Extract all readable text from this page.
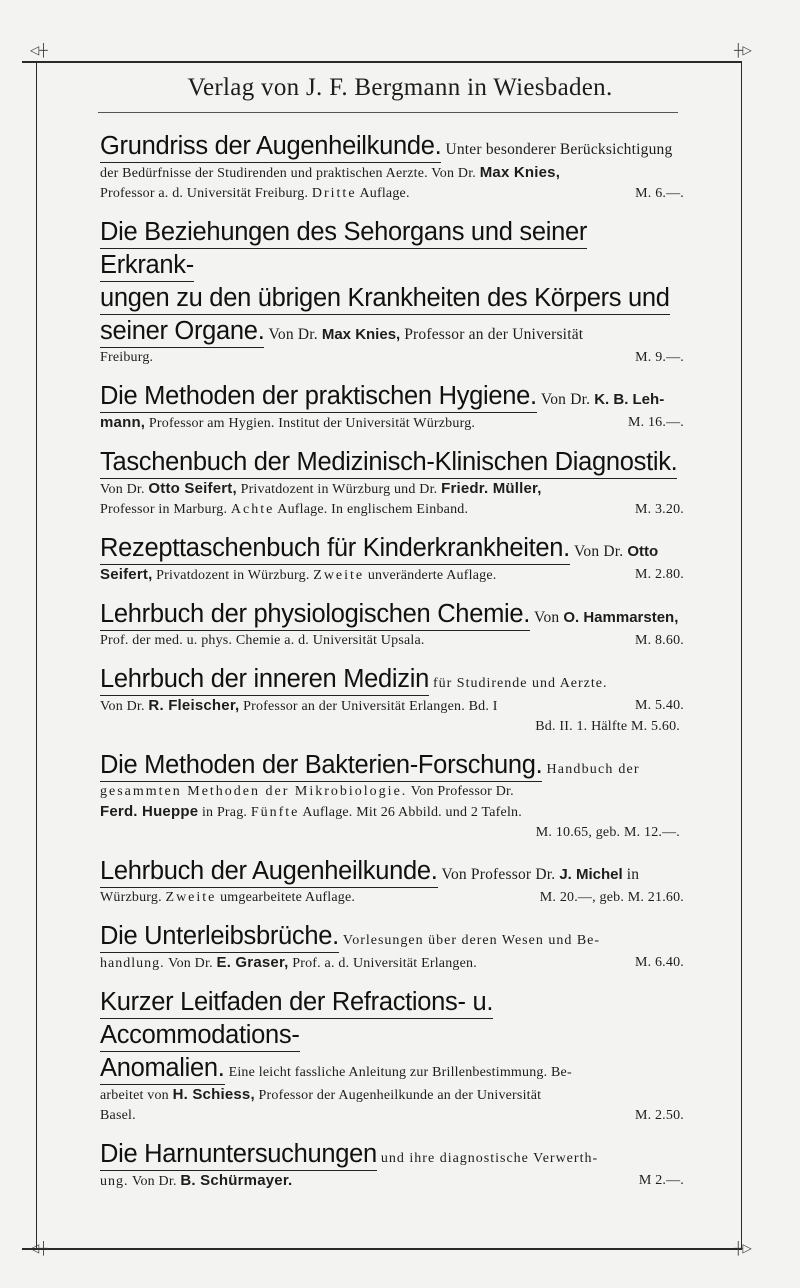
◁┼	┼▷
◁┼	┼▷
Verlag von J. F. Bergmann in Wiesbaden.
Grundriss der Augenheilkunde. Unter besonderer Berücksichtigung
der Bedürfnisse der Studirenden und praktischen Aerzte. Von Dr. Max Knies,
Professor a. d. Universität Freiburg. Dritte Auflage.	M. 6.—.
Die Beziehungen des Sehorgans und seiner Erkrank-
ungen zu den übrigen Krankheiten des Körpers und
seiner Organe. Von Dr. Max Knies, Professor an der Universität
Freiburg.	M. 9.—.
Die Methoden der praktischen Hygiene. Von Dr. K. B. Leh-
mann, Professor am Hygien. Institut der Universität Würzburg.	M. 16.—.
Taschenbuch der Medizinisch-Klinischen Diagnostik.
Von Dr. Otto Seifert, Privatdozent in Würzburg und Dr. Friedr. Müller,
Professor in Marburg. Achte Auflage. In englischem Einband.	M. 3.20.
Rezepttaschenbuch für Kinderkrankheiten. Von Dr. Otto
Seifert, Privatdozent in Würzburg. Zweite unveränderte Auflage.	M. 2.80.
Lehrbuch der physiologischen Chemie. Von O. Hammarsten,
Prof. der med. u. phys. Chemie a. d. Universität Upsala.	M. 8.60.
Lehrbuch der inneren Medizin für Studirende und Aerzte.
Von Dr. R. Fleischer, Professor an der Universität Erlangen. Bd. I	M. 5.40.
Bd. II. 1. Hälfte M. 5.60.
Die Methoden der Bakterien-Forschung. Handbuch der
gesammten Methoden der Mikrobiologie. Von Professor Dr.
Ferd. Hueppe in Prag. Fünfte Auflage. Mit 26 Abbild. und 2 Tafeln.
M. 10.65, geb. M. 12.—.
Lehrbuch der Augenheilkunde. Von Professor Dr. J. Michel in
Würzburg. Zweite umgearbeitete Auflage.	M. 20.—, geb. M. 21.60.
Die Unterleibsbrüche. Vorlesungen über deren Wesen und Be-
handlung. Von Dr. E. Graser, Prof. a. d. Universität Erlangen.	M. 6.40.
Kurzer Leitfaden der Refractions- u. Accommodations-
Anomalien. Eine leicht fassliche Anleitung zur Brillenbestimmung. Be-
arbeitet von H. Schiess, Professor der Augenheilkunde an der Universität
Basel.	M. 2.50.
Die Harnuntersuchungen und ihre diagnostische Verwerth-
ung. Von Dr. B. Schürmayer.	M 2.—.
